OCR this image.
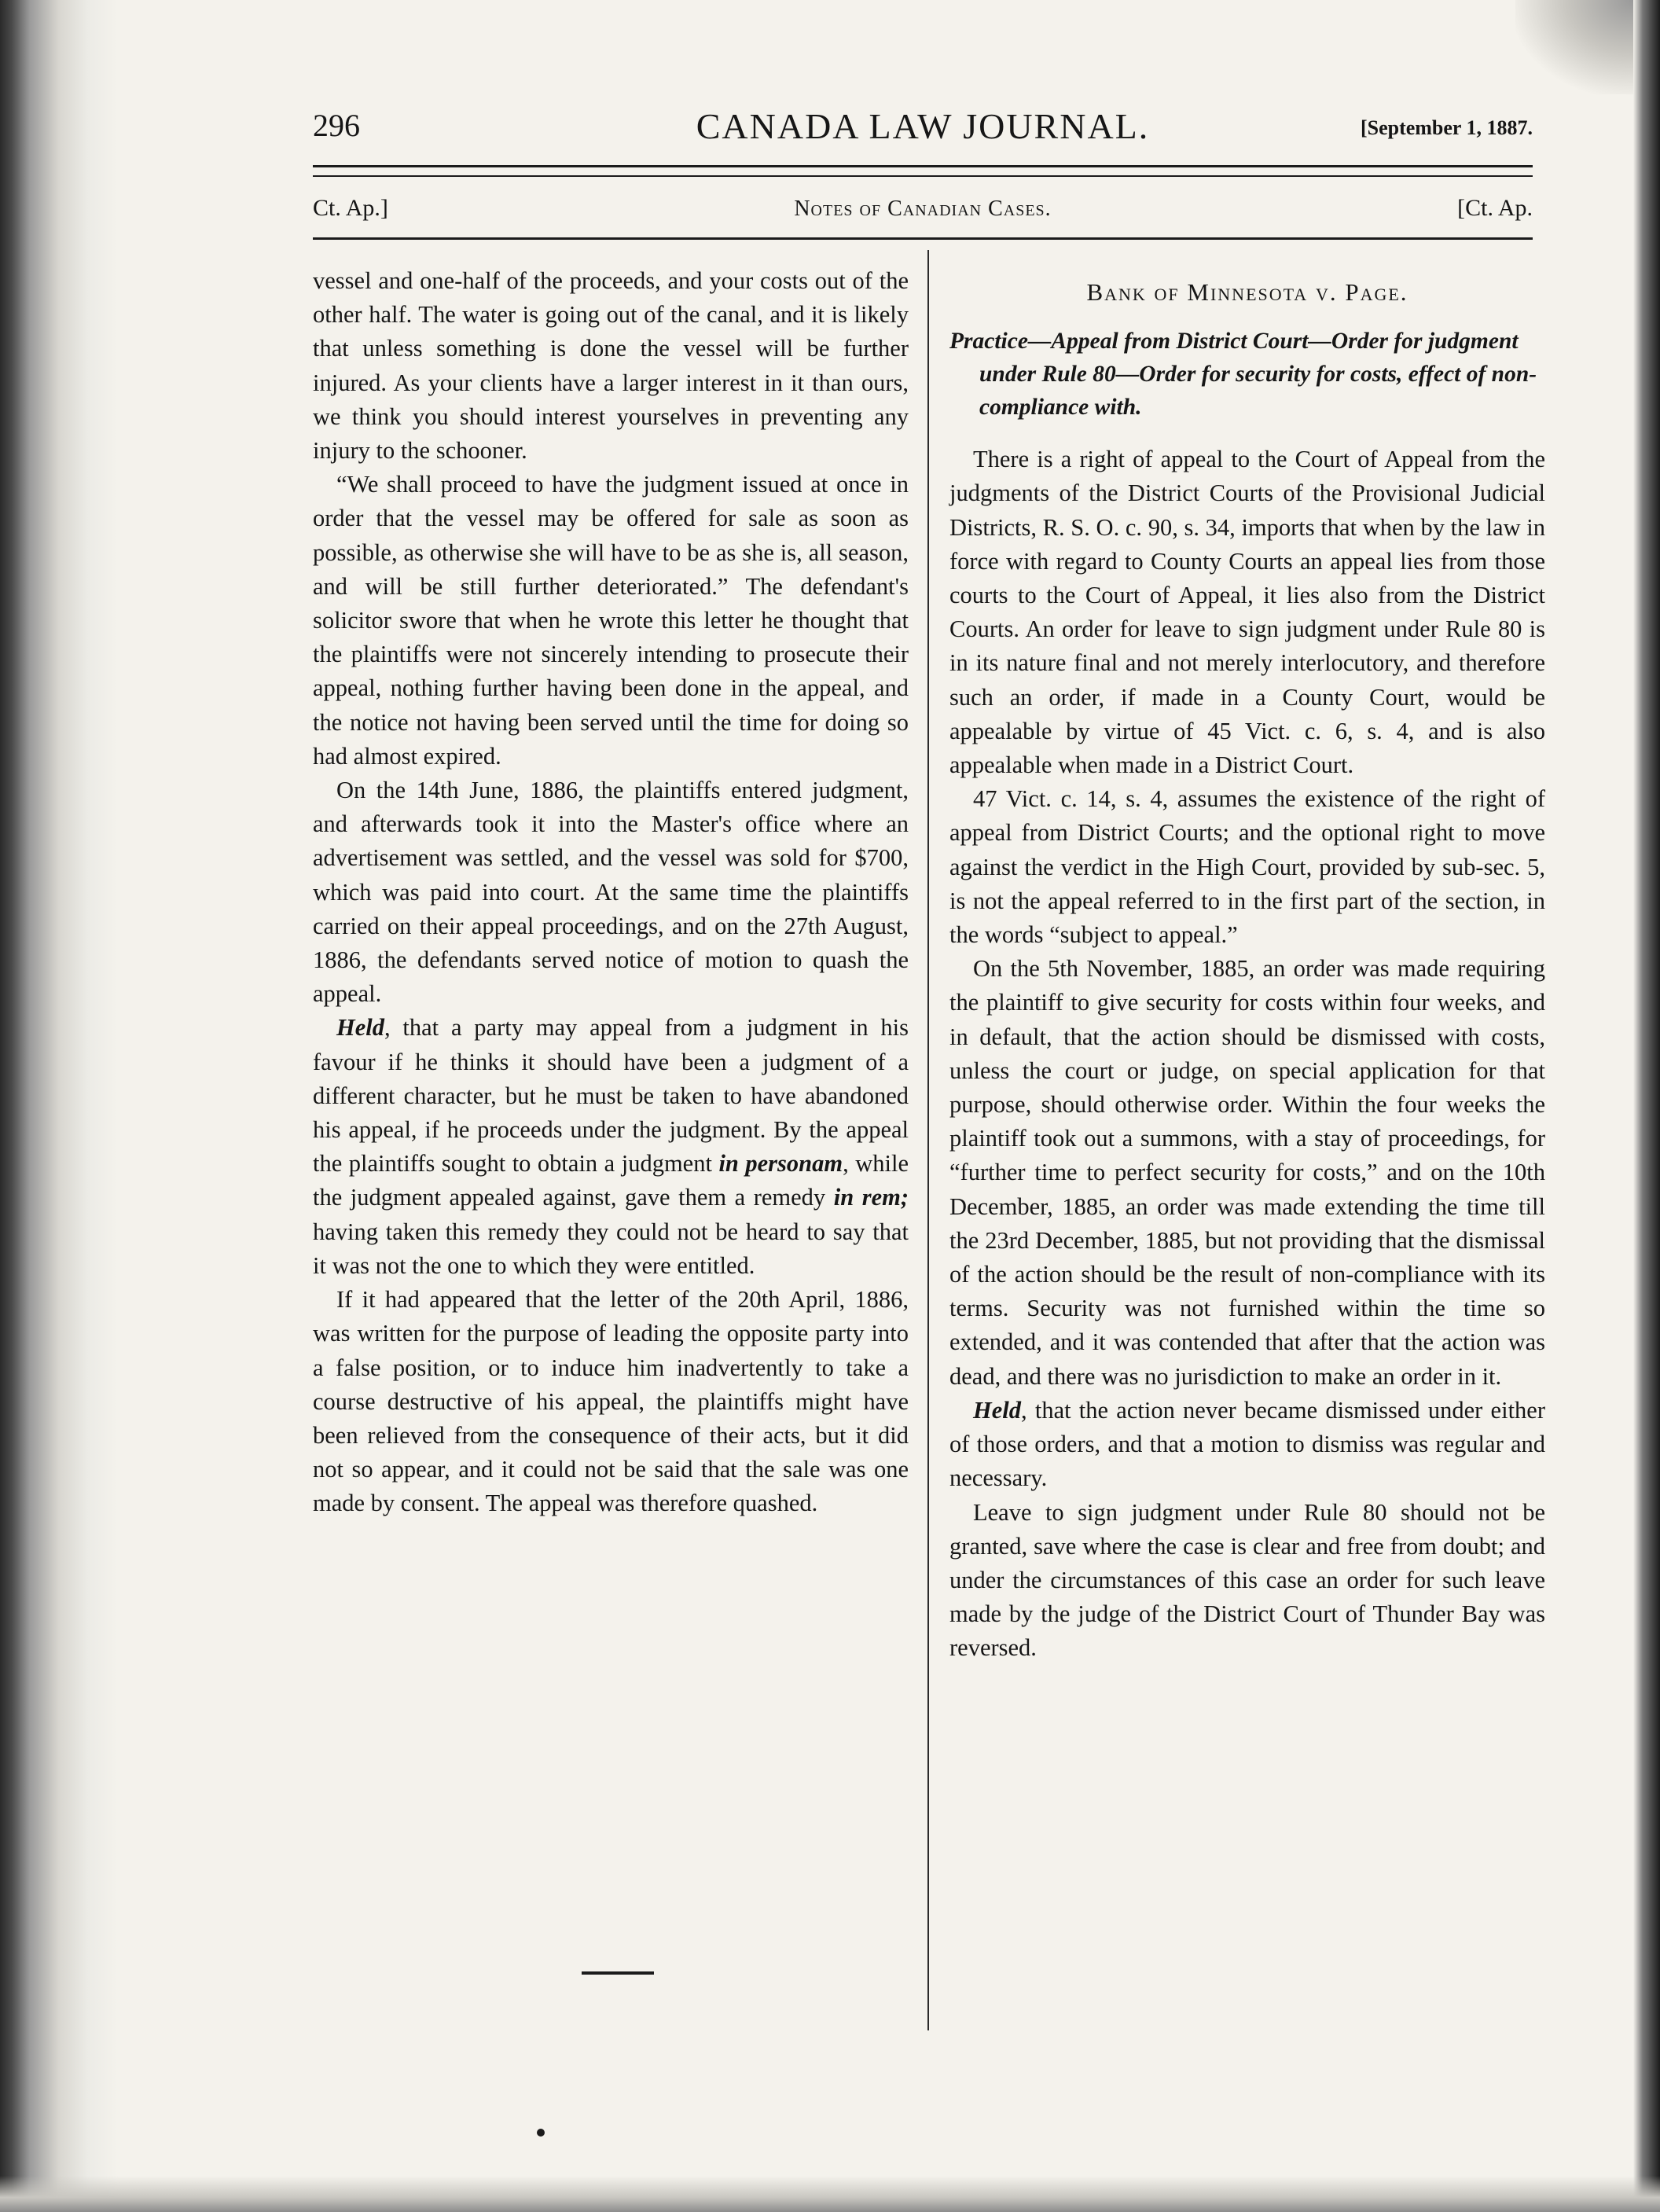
296	CANADA LAW JOURNAL.	[September 1, 1887.
Ct. Ap.]	Notes of Canadian Cases.	[Ct. Ap.

vessel and one-half of the proceeds, and your costs out of the other half. The water is going out of the canal, and it is likely that unless something is done the vessel will be further injured. As your clients have a larger interest in it than ours, we think you should interest yourselves in preventing any injury to the schooner.

“We shall proceed to have the judgment issued at once in order that the vessel may be offered for sale as soon as possible, as otherwise she will have to be as she is, all season, and will be still further deteriorated.” The defendant's solicitor swore that when he wrote this letter he thought that the plaintiffs were not sincerely intending to prosecute their appeal, nothing further having been done in the appeal, and the notice not having been served until the time for doing so had almost expired.

On the 14th June, 1886, the plaintiffs entered judgment, and afterwards took it into the Master's office where an advertisement was settled, and the vessel was sold for $700, which was paid into court. At the same time the plaintiffs carried on their appeal proceedings, and on the 27th August, 1886, the defendants served notice of motion to quash the appeal.

Held, that a party may appeal from a judgment in his favour if he thinks it should have been a judgment of a different character, but he must be taken to have abandoned his appeal, if he proceeds under the judgment. By the appeal the plaintiffs sought to obtain a judgment in personam, while the judgment appealed against, gave them a remedy in rem; having taken this remedy they could not be heard to say that it was not the one to which they were entitled.

If it had appeared that the letter of the 20th April, 1886, was written for the purpose of leading the opposite party into a false position, or to induce him inadvertently to take a course destructive of his appeal, the plaintiffs might have been relieved from the consequence of their acts, but it did not so appear, and it could not be said that the sale was one made by consent. The appeal was therefore quashed.

Bank of Minnesota v. Page.

Practice—Appeal from District Court—Order for judgment under Rule 80—Order for security for costs, effect of non-compliance with.

There is a right of appeal to the Court of Appeal from the judgments of the District Courts of the Provisional Judicial Districts, R. S. O. c. 90, s. 34, imports that when by the law in force with regard to County Courts an appeal lies from those courts to the Court of Appeal, it lies also from the District Courts. An order for leave to sign judgment under Rule 80 is in its nature final and not merely interlocutory, and therefore such an order, if made in a County Court, would be appealable by virtue of 45 Vict. c. 6, s. 4, and is also appealable when made in a District Court.

47 Vict. c. 14, s. 4, assumes the existence of the right of appeal from District Courts; and the optional right to move against the verdict in the High Court, provided by sub-sec. 5, is not the appeal referred to in the first part of the section, in the words “subject to appeal.”

On the 5th November, 1885, an order was made requiring the plaintiff to give security for costs within four weeks, and in default, that the action should be dismissed with costs, unless the court or judge, on special application for that purpose, should otherwise order. Within the four weeks the plaintiff took out a summons, with a stay of proceedings, for “further time to perfect security for costs,” and on the 10th December, 1885, an order was made extending the time till the 23rd December, 1885, but not providing that the dismissal of the action should be the result of non-compliance with its terms. Security was not furnished within the time so extended, and it was contended that after that the action was dead, and there was no jurisdiction to make an order in it.

Held, that the action never became dismissed under either of those orders, and that a motion to dismiss was regular and necessary.

Leave to sign judgment under Rule 80 should not be granted, save where the case is clear and free from doubt; and under the circumstances of this case an order for such leave made by the judge of the District Court of Thunder Bay was reversed.
